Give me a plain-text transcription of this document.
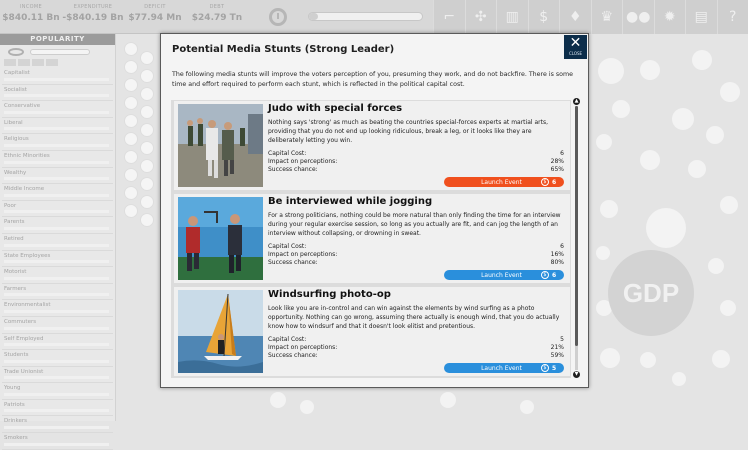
INCOME
$840.11 Bn
EXPENDITURE
-$840.19 Bn
DEFICIT
$77.94 Mn
DEBT
$24.79 Tn	⌐	✣	▥	$	♦	♛ ●● ✹	▤	?
POPULARITY
Capitalist
Socialist
Conservative
Liberal
Religious
Ethnic Minorities
Wealthy
Middle Income
Poor
Parents
Retired
State Employees
Motorist
Farmers
Environmentalist
Commuters
Self Employed
Students
Trade Unionist
Young
Patriots
Drinkers
Smokers
GDP
Potential Media Stunts (Strong Leader)	✕
CLOSE
The following media stunts will improve the voters perception of you, presuming they work, and do not backfire. There is some time and effort required to perform each stunt, which is reflected in the political capital cost.
Judo with special forces
Nothing says 'strong' as much as beating the countries special-forces experts at martial arts, providing that you do not end up looking ridiculous, break a leg, or it looks like they are deliberately letting you win.
Capital Cost:	6
Impact on perceptions:	28%
Success chance:	65%
Launch Event	$ 6
Be interviewed while jogging
For a strong politicians, nothing could be more natural than only finding the time for an interview during your regular exercise session, so long as you actually are fit, and can jog the length of an interview without collapsing, or drowning in sweat.
Capital Cost:	6
Impact on perceptions:	16%
Success chance:	80%
Launch Event	$ 6
Windsurfing photo-op
Look like you are in-control and can win against the elements by wind surfing as a photo opportunity. Nothing can go wrong, assuming there actually is enough wind, that you do actually know how to windsurf and that it doesn't look elitist and pretentious.
Capital Cost:	5
Impact on perceptions:	21%
Success chance:	59%
Launch Event	$ 5
▲
▼
